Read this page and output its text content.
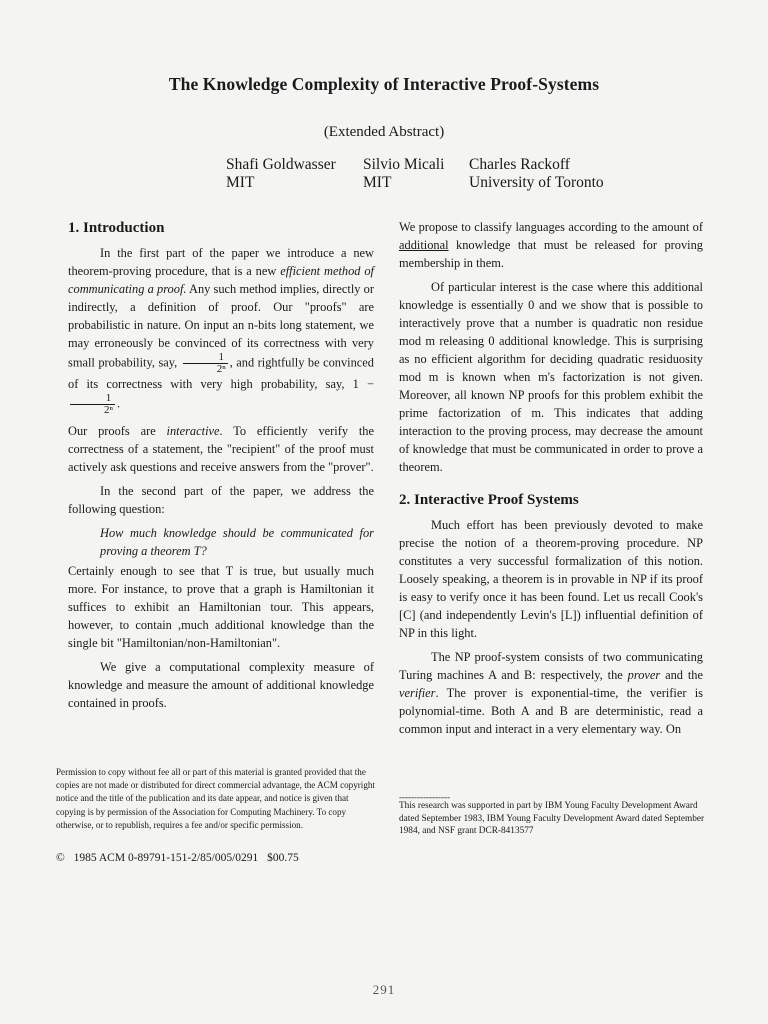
The Knowledge Complexity of Interactive Proof-Systems
(Extended Abstract)
Shafi Goldwasser
MIT
Silvio Micali
MIT
Charles Rackoff
University of Toronto
1. Introduction

In the first part of the paper we introduce a new theorem-proving procedure, that is a new efficient method of communicating a proof. Any such method implies, directly or indirectly, a definition of proof. Our "proofs" are probabilistic in nature. On input an n-bits long statement, we may erroneously be convinced of its correctness with very small probability, say, $\frac{1}{\text{2ⁿ}}$ , and rightfully be convinced of its correctness with very high probability, say, 1 −
$\frac{1}{\text{2ⁿ}}$ .

Our proofs are interactive. To efficiently verify the correctness of a statement, the "recipient" of the proof must actively ask questions and receive answers from the "prover".

In the second part of the paper, we address the following question:

How much knowledge should be communicated for proving a theorem T?

Certainly enough to see that T is true, but usually much more. For instance, to prove that a graph is Hamiltonian it suffices to exhibit an Hamiltonian tour. This appears, however, to contain ,much additional knowledge than the single bit "Hamiltonian/non-Hamiltonian".

We give a computational complexity measure of knowledge and measure the amount of additional knowledge contained in proofs.

Permission to copy without fee all or part of this material is granted provided that the copies are not made or distributed for direct commercial advantage, the ACM copyright notice and the title of the publication and its date appear, and notice is given that copying is by permission of the Association for Computing Machinery. To copy otherwise, or to republish, requires a fee and/or specific permission.
© 1985 ACM 0-89791-151-2/85/005/0291 $00.75

We propose to classify languages according to the amount of additional knowledge that must be released for proving membership in them.

Of particular interest is the case where this additional knowledge is essentially 0 and we show that is possible to interactively prove that a number is quadratic non residue mod m releasing 0 additional knowledge. This is surprising as no efficient algorithm for deciding quadratic residuosity mod m is known when m's factorization is not given. Moreover, all known NP proofs for this problem exhibit the prime factorization of m. This indicates that adding interaction to the proving process, may decrease the amount of knowledge that must be communicated in order to prove a theorem.

2. Interactive Proof Systems

Much effort has been previously devoted to make precise the notion of a theorem-proving procedure. NP constitutes a very successful formalization of this notion. Loosely speaking, a theorem is in provable in NP if its proof is easy to verify once it has been found. Let us recall Cook's [C] (and independently Levin's [L]) influential definition of NP in this light.

The NP proof-system consists of two communicating Turing machines A and B: respectively, the prover and the verifier. The prover is exponential-time, the verifier is polynomial-time. Both A and B are deterministic, read a common input and interact in a very elementary way. On

-----------------
This research was supported in part by IBM Young Faculty Development Award dated September 1983, IBM Young Faculty Development Award dated September 1984, and NSF grant DCR-8413577
291
